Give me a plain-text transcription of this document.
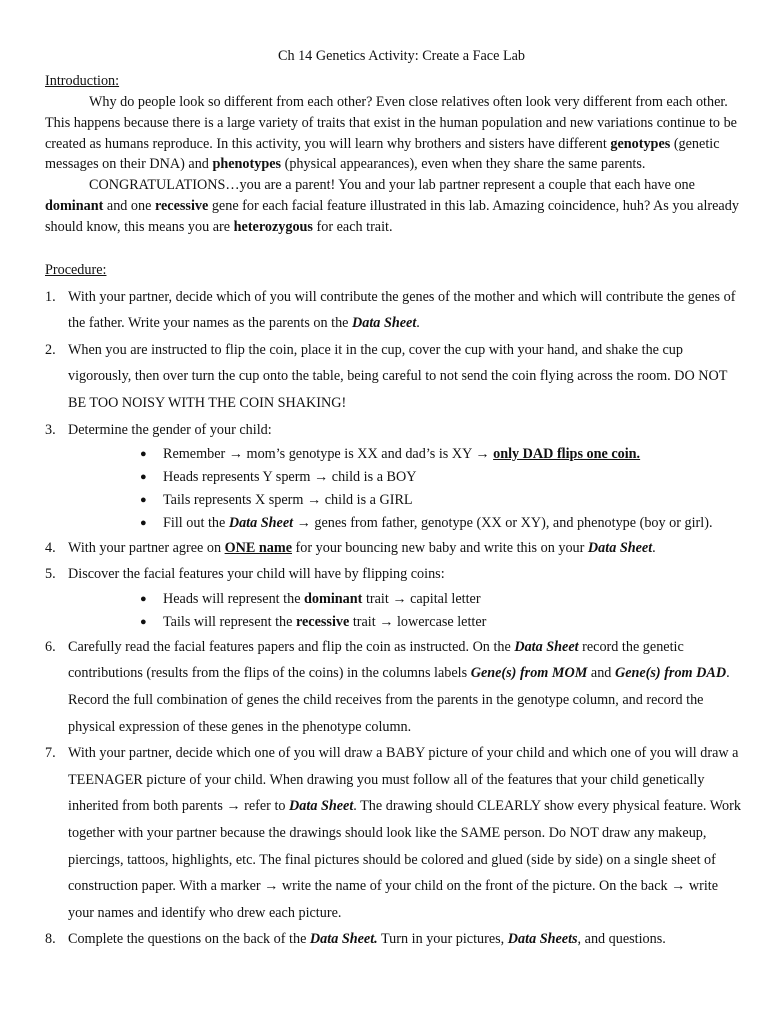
Ch 14 Genetics Activity: Create a Face Lab
Introduction:

Why do people look so different from each other? Even close relatives often look very different from each other. This happens because there is a large variety of traits that exist in the human population and new variations continue to be created as humans reproduce. In this activity, you will learn why brothers and sisters have different genotypes (genetic messages on their DNA) and phenotypes (physical appearances), even when they share the same parents.

CONGRATULATIONS…you are a parent! You and your lab partner represent a couple that each have one dominant and one recessive gene for each facial feature illustrated in this lab. Amazing coincidence, huh? As you already should know, this means you are heterozygous for each trait.

Procedure:
1. With your partner, decide which of you will contribute the genes of the mother and which will contribute the genes of the father. Write your names as the parents on the Data Sheet.
2. When you are instructed to flip the coin, place it in the cup, cover the cup with your hand, and shake the cup vigorously, then over turn the cup onto the table, being careful to not send the coin flying across the room. DO NOT BE TOO NOISY WITH THE COIN SHAKING!
3. Determine the gender of your child:
● Remember → mom’s genotype is XX and dad’s is XY → only DAD flips one coin.
● Heads represents Y sperm → child is a BOY
● Tails represents X sperm → child is a GIRL
● Fill out the Data Sheet → genes from father, genotype (XX or XY), and phenotype (boy or girl).
4. With your partner agree on ONE name for your bouncing new baby and write this on your Data Sheet.
5. Discover the facial features your child will have by flipping coins:
● Heads will represent the dominant trait → capital letter
● Tails will represent the recessive trait → lowercase letter
6. Carefully read the facial features papers and flip the coin as instructed. On the Data Sheet record the genetic contributions (results from the flips of the coins) in the columns labels Gene(s) from MOM and Gene(s) from DAD. Record the full combination of genes the child receives from the parents in the genotype column, and record the physical expression of these genes in the phenotype column.
7. With your partner, decide which one of you will draw a BABY picture of your child and which one of you will draw a TEENAGER picture of your child. When drawing you must follow all of the features that your child genetically inherited from both parents → refer to Data Sheet. The drawing should CLEARLY show every physical feature. Work together with your partner because the drawings should look like the SAME person. Do NOT draw any makeup, piercings, tattoos, highlights, etc. The final pictures should be colored and glued (side by side) on a single sheet of construction paper. With a marker → write the name of your child on the front of the picture. On the back → write your names and identify who drew each picture.
8. Complete the questions on the back of the Data Sheet. Turn in your pictures, Data Sheets, and questions.
